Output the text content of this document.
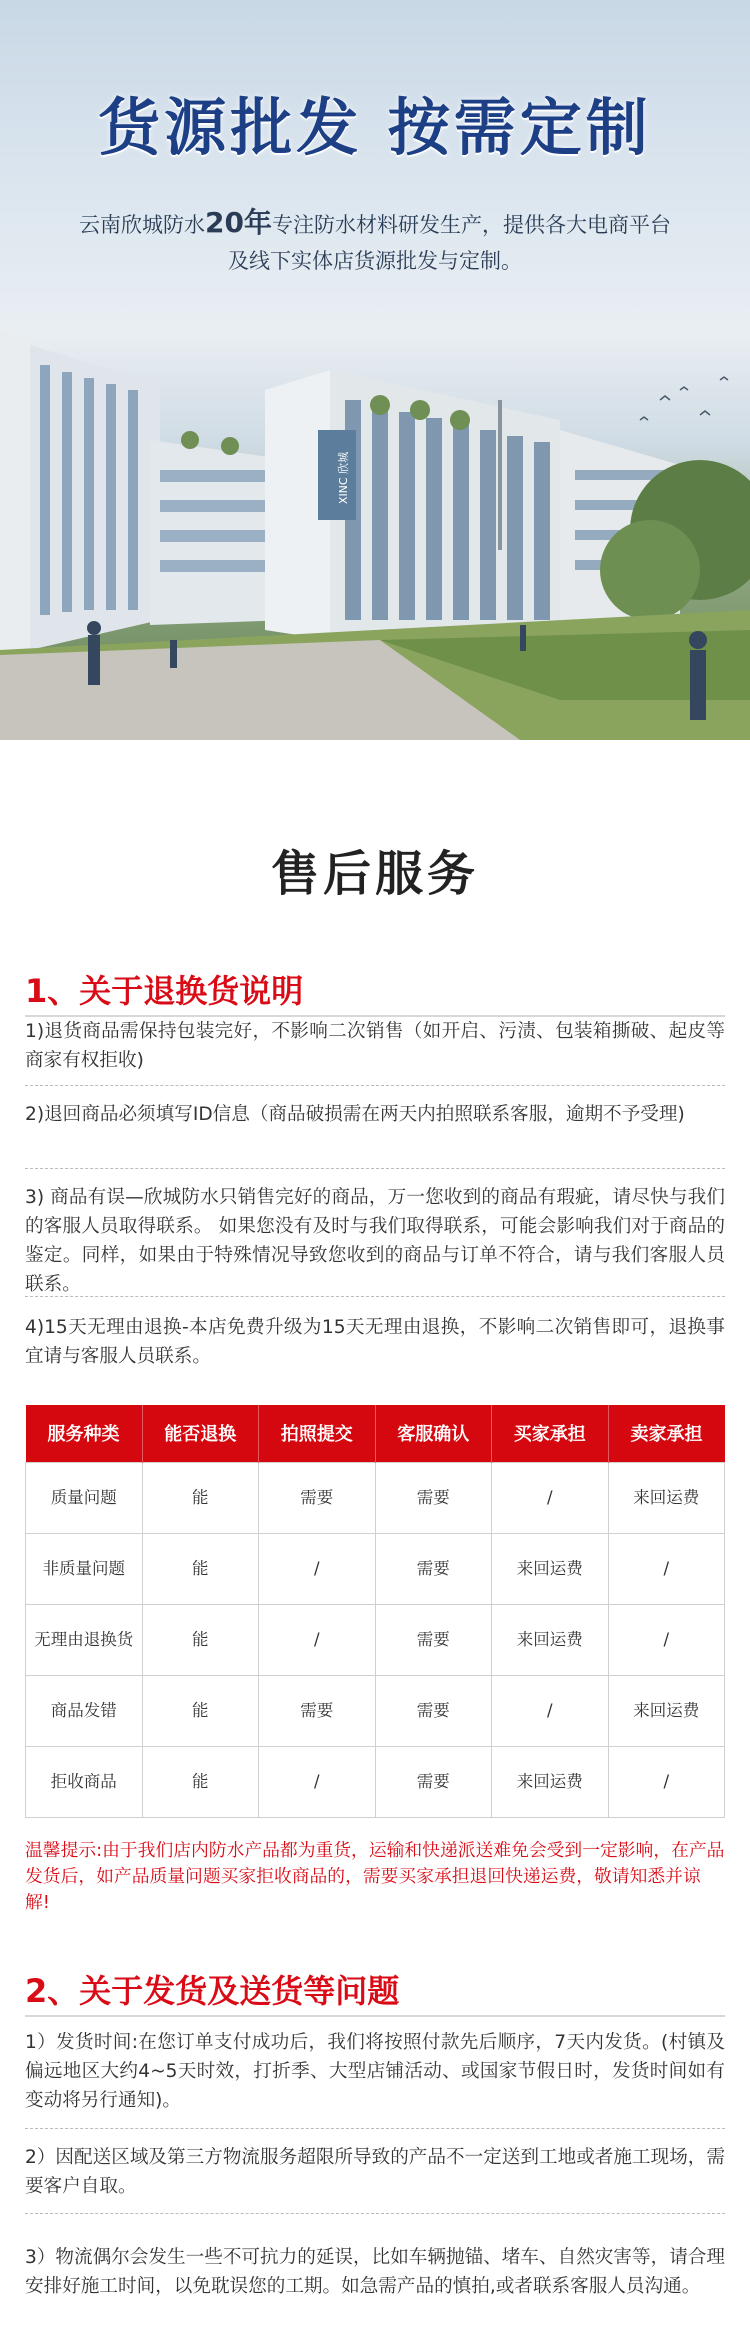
XINC 欣城
货源批发 按需定制
云南欣城防水20年专注防水材料研发生产，提供各大电商平台
及线下实体店货源批发与定制。
售后服务
1、关于退换货说明
1)退货商品需保持包装完好，不影响二次销售（如开启、污渍、包装箱撕破、起皮等商家有权拒收)
2)退回商品必须填写ID信息（商品破损需在两天内拍照联系客服，逾期不予受理)
3) 商品有误—欣城防水只销售完好的商品，万一您收到的商品有瑕疵，请尽快与我们的客服人员取得联系。 如果您没有及时与我们取得联系，可能会影响我们对于商品的鉴定。同样，如果由于特殊情况导致您收到的商品与订单不符合，请与我们客服人员联系。
4)15天无理由退换-本店免费升级为15天无理由退换，不影响二次销售即可，退换事宜请与客服人员联系。
服务种类	能否退换	拍照提交	客服确认	买家承担	卖家承担
质量问题	能	需要	需要	/	来回运费
非质量问题	能	/	需要	来回运费	/
无理由退换货	能	/	需要	来回运费	/
商品发错	能	需要	需要	/	来回运费
拒收商品	能	/	需要	来回运费	/
温馨提示:由于我们店内防水产品都为重货，运输和快递派送难免会受到一定影响，在产品发货后，如产品质量问题买家拒收商品的，需要买家承担退回快递运费，敬请知悉并谅解!
2、关于发货及送货等问题
1）发货时间:在您订单支付成功后，我们将按照付款先后顺序，7天内发货。(村镇及偏远地区大约4~5天时效，打折季、大型店铺活动、或国家节假日时，发货时间如有变动将另行通知)。
2）因配送区域及第三方物流服务超限所导致的产品不一定送到工地或者施工现场，需要客户自取。
3）物流偶尔会发生一些不可抗力的延误，比如车辆抛锚、堵车、自然灾害等，请合理安排好施工时间，以免耽误您的工期。如急需产品的慎拍,或者联系客服人员沟通。
